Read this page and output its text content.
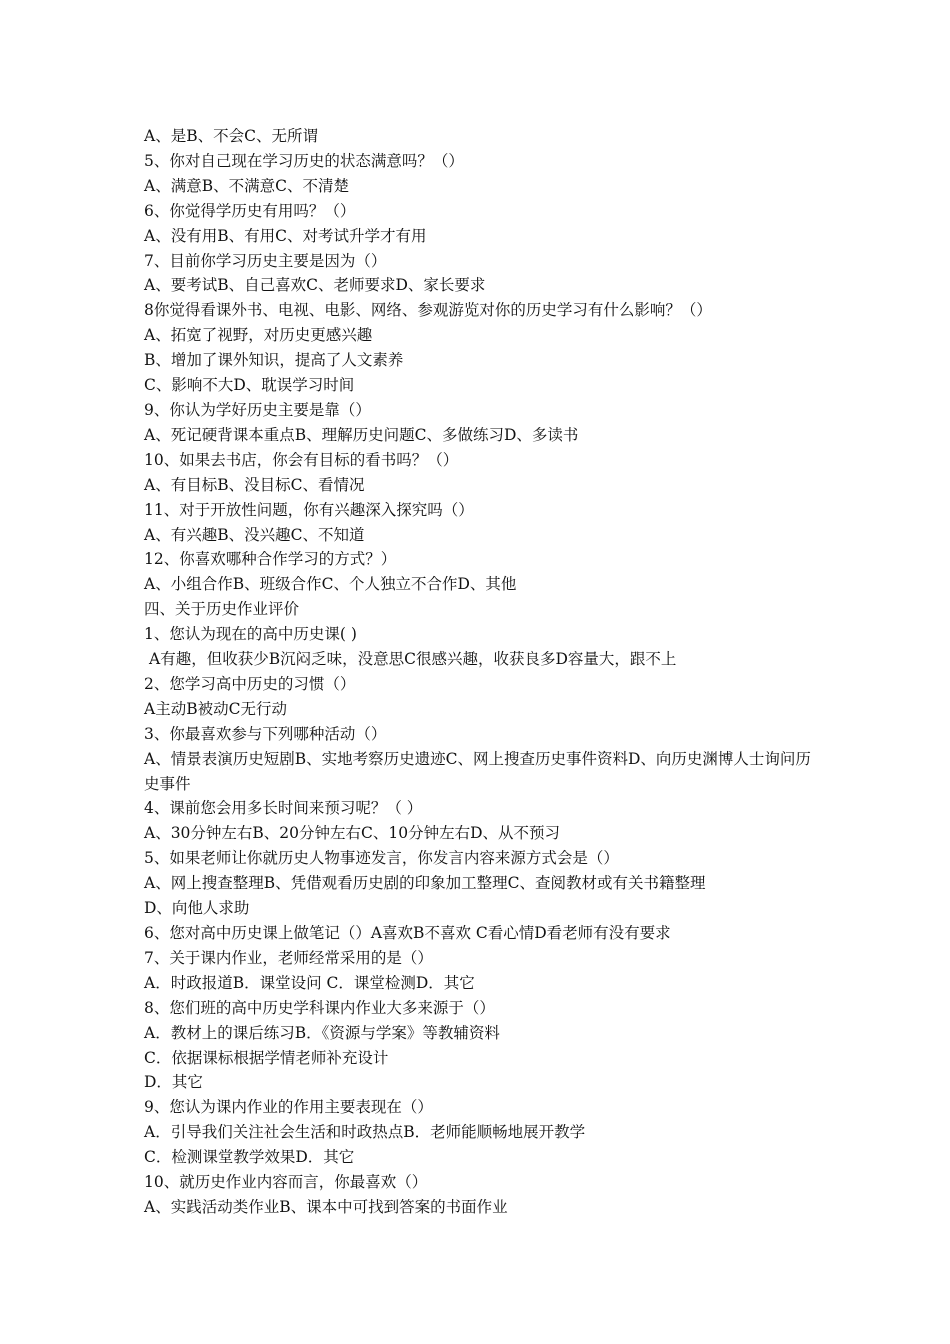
A、是B、不会C、无所谓
5、你对自己现在学习历史的状态满意吗？（）
A、满意B、不满意C、不清楚
6、你觉得学历史有用吗？（）
A、没有用B、有用C、对考试升学才有用
7、目前你学习历史主要是因为（）
A、要考试B、自己喜欢C、老师要求D、家长要求
8你觉得看课外书、电视、电影、网络、参观游览对你的历史学习有什么影响？（）
A、拓宽了视野，对历史更感兴趣
B、增加了课外知识，提高了人文素养
C、影响不大D、耽误学习时间
9、你认为学好历史主要是靠（）
A、死记硬背课本重点B、理解历史问题C、多做练习D、多读书
10、如果去书店，你会有目标的看书吗？（）
A、有目标B、没目标C、看情况
11、对于开放性问题，你有兴趣深入探究吗（）
A、有兴趣B、没兴趣C、不知道
12、你喜欢哪种合作学习的方式？）
A、小组合作B、班级合作C、个人独立不合作D、其他
四、关于历史作业评价
1、您认为现在的高中历史课( )
A有趣，但收获少B沉闷乏味，没意思C很感兴趣，收获良多D容量大，跟不上
2、您学习高中历史的习惯（）
A主动B被动C无行动
3、你最喜欢参与下列哪种活动（）
A、情景表演历史短剧B、实地考察历史遗迹C、网上搜查历史事件资料D、向历史渊博人士询问历史事件
4、课前您会用多长时间来预习呢？（ ）
A、30分钟左右B、20分钟左右C、10分钟左右D、从不预习
5、如果老师让你就历史人物事迹发言，你发言内容来源方式会是（）
A、网上搜查整理B、凭借观看历史剧的印象加工整理C、查阅教材或有关书籍整理
D、向他人求助
6、您对高中历史课上做笔记（）A喜欢B不喜欢 C看心情D看老师有没有要求
7、关于课内作业，老师经常采用的是（）
A．时政报道B．课堂设问 C．课堂检测D．其它
8、您们班的高中历史学科课内作业大多来源于（）
A．教材上的课后练习B．《资源与学案》等教辅资料
C．依据课标根据学情老师补充设计
D．其它
9、您认为课内作业的作用主要表现在（）
A．引导我们关注社会生活和时政热点B．老师能顺畅地展开教学
C．检测课堂教学效果D．其它
10、就历史作业内容而言，你最喜欢（）
A、实践活动类作业B、课本中可找到答案的书面作业
